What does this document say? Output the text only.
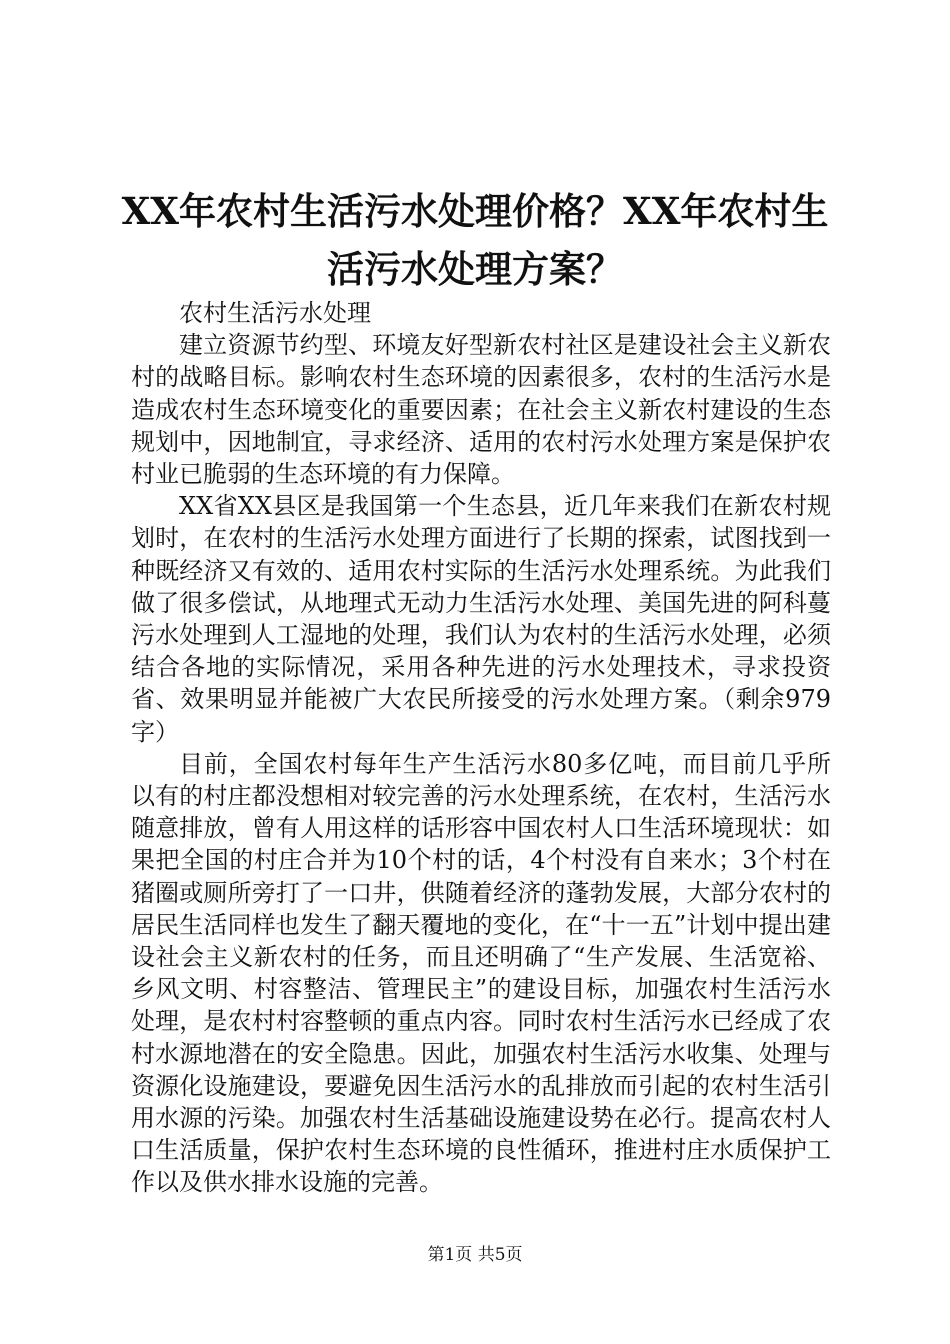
XX年农村生活污水处理价格？XX年农村生活污水处理方案？

农村生活污水处理

建立资源节约型、环境友好型新农村社区是建设社会主义新农村的战略目标。影响农村生态环境的因素很多，农村的生活污水是造成农村生态环境变化的重要因素；在社会主义新农村建设的生态规划中，因地制宜，寻求经济、适用的农村污水处理方案是保护农村业已脆弱的生态环境的有力保障。

XX省XX县区是我国第一个生态县，近几年来我们在新农村规划时，在农村的生活污水处理方面进行了长期的探索，试图找到一种既经济又有效的、适用农村实际的生活污水处理系统。为此我们做了很多偿试，从地理式无动力生活污水处理、美国先进的阿科蔓污水处理到人工湿地的处理，我们认为农村的生活污水处理，必须结合各地的实际情况，采用各种先进的污水处理技术，寻求投资省、效果明显并能被广大农民所接受的污水处理方案。（剩余979字）

目前，全国农村每年生产生活污水80多亿吨，而目前几乎所以有的村庄都没想相对较完善的污水处理系统，在农村，生活污水随意排放，曾有人用这样的话形容中国农村人口生活环境现状：如果把全国的村庄合并为10个村的话，4个村没有自来水；3个村在猪圈或厕所旁打了一口井，供随着经济的蓬勃发展，大部分农村的居民生活同样也发生了翻天覆地的变化，在“十一五”计划中提出建设社会主义新农村的任务，而且还明确了“生产发展、生活宽裕、乡风文明、村容整洁、管理民主”的建设目标，加强农村生活污水处理，是农村村容整顿的重点内容。同时农村生活污水已经成了农村水源地潜在的安全隐患。因此，加强农村生活污水收集、处理与资源化设施建设，要避免因生活污水的乱排放而引起的农村生活引用水源的污染。加强农村生活基础设施建设势在必行。提高农村人口生活质量，保护农村生态环境的良性循环，推进村庄水质保护工作以及供水排水设施的完善。

第1页 共5页
